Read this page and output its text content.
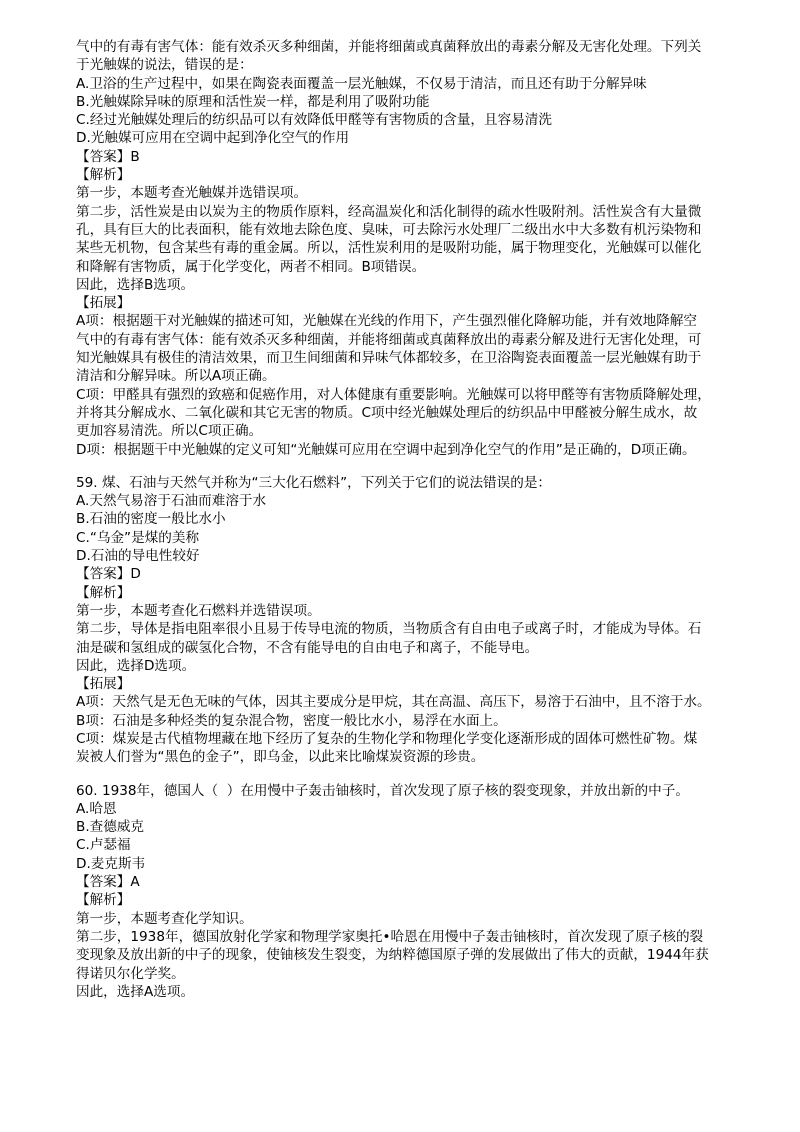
气中的有毒有害气体：能有效杀灭多种细菌，并能将细菌或真菌释放出的毒素分解及无害化处理。下列关
于光触媒的说法，错误的是：
A.卫浴的生产过程中，如果在陶瓷表面覆盖一层光触媒，不仅易于清洁，而且还有助于分解异味
B.光触媒除异味的原理和活性炭一样，都是利用了吸附功能
C.经过光触媒处理后的纺织品可以有效降低甲醛等有害物质的含量，且容易清洗
D.光触媒可应用在空调中起到净化空气的作用
【答案】B
【解析】
第一步，本题考查光触媒并选错误项。
第二步，活性炭是由以炭为主的物质作原料，经高温炭化和活化制得的疏水性吸附剂。活性炭含有大量微
孔，具有巨大的比表面积，能有效地去除色度、臭味，可去除污水处理厂二级出水中大多数有机污染物和
某些无机物，包含某些有毒的重金属。所以，活性炭利用的是吸附功能，属于物理变化，光触媒可以催化
和降解有害物质，属于化学变化，两者不相同。B项错误。
因此，选择B选项。
【拓展】
A项：根据题干对光触媒的描述可知，光触媒在光线的作用下，产生强烈催化降解功能，并有效地降解空
气中的有毒有害气体：能有效杀灭多种细菌，并能将细菌或真菌释放出的毒素分解及进行无害化处理，可
知光触媒具有极佳的清洁效果，而卫生间细菌和异味气体都较多，在卫浴陶瓷表面覆盖一层光触媒有助于
清洁和分解异味。所以A项正确。
C项：甲醛具有强烈的致癌和促癌作用，对人体健康有重要影响。光触媒可以将甲醛等有害物质降解处理，
并将其分解成水、二氧化碳和其它无害的物质。C项中经光触媒处理后的纺织品中甲醛被分解生成水，故
更加容易清洗。所以C项正确。
D项：根据题干中光触媒的定义可知“光触媒可应用在空调中起到净化空气的作用”是正确的，D项正确。
59. 煤、石油与天然气并称为“三大化石燃料”，下列关于它们的说法错误的是：
A.天然气易溶于石油而难溶于水
B.石油的密度一般比水小
C.“乌金”是煤的美称
D.石油的导电性较好
【答案】D
【解析】
第一步，本题考查化石燃料并选错误项。
第二步，导体是指电阻率很小且易于传导电流的物质，当物质含有自由电子或离子时，才能成为导体。石
油是碳和氢组成的碳氢化合物，不含有能导电的自由电子和离子，不能导电。
因此，选择D选项。
【拓展】
A项：天然气是无色无味的气体，因其主要成分是甲烷，其在高温、高压下，易溶于石油中，且不溶于水。
B项：石油是多种烃类的复杂混合物，密度一般比水小，易浮在水面上。
C项：煤炭是古代植物埋藏在地下经历了复杂的生物化学和物理化学变化逐渐形成的固体可燃性矿物。煤
炭被人们誉为“黑色的金子”，即乌金，以此来比喻煤炭资源的珍贵。
60. 1938年，德国人（  ）在用慢中子轰击铀核时，首次发现了原子核的裂变现象，并放出新的中子。
A.哈恩
B.查德威克
C.卢瑟福
D.麦克斯韦
【答案】A
【解析】
第一步，本题考查化学知识。
第二步，1938年，德国放射化学家和物理学家奥托•哈恩在用慢中子轰击铀核时，首次发现了原子核的裂
变现象及放出新的中子的现象，使铀核发生裂变，为纳粹德国原子弹的发展做出了伟大的贡献，1944年获
得诺贝尔化学奖。
因此，选择A选项。
